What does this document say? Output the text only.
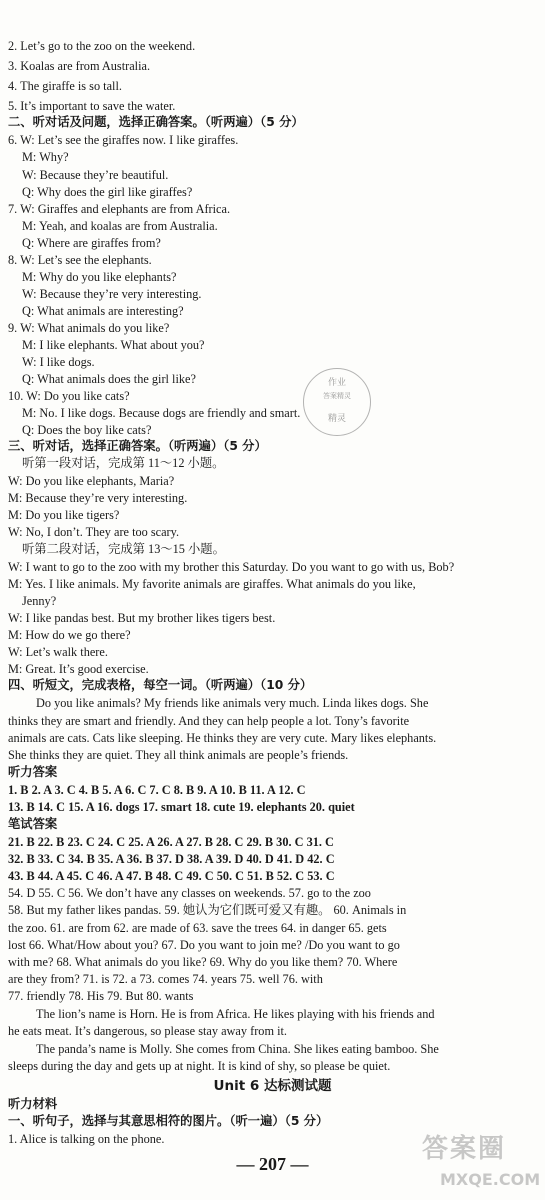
2. Let’s go to the zoo on the weekend.
3. Koalas are from Australia.
4. The giraffe is so tall.
5. It’s important to save the water.
二、听对话及问题，选择正确答案。（听两遍）（5 分）
6. W: Let’s see the giraffes now. I like giraffes.
M: Why?
W: Because they’re beautiful.
Q: Why does the girl like giraffes?
7. W: Giraffes and elephants are from Africa.
M: Yeah, and koalas are from Australia.
Q: Where are giraffes from?
8. W: Let’s see the elephants.
M: Why do you like elephants?
W: Because they’re very interesting.
Q: What animals are interesting?
9. W: What animals do you like?
M: I like elephants. What about you?
W: I like dogs.
Q: What animals does the girl like?
10. W: Do you like cats?
M: No. I like dogs. Because dogs are friendly and smart.
Q: Does the boy like cats?
作业
答案精灵
精灵
三、听对话，选择正确答案。（听两遍）（5 分）
听第一段对话，完成第 11～12 小题。
W: Do you like elephants, Maria?
M: Because they’re very interesting.
M: Do you like tigers?
W: No, I don’t. They are too scary.
听第二段对话，完成第 13～15 小题。
W: I want to go to the zoo with my brother this Saturday. Do you want to go with us, Bob?
M: Yes. I like animals. My favorite animals are giraffes. What animals do you like,
Jenny?
W: I like pandas best. But my brother likes tigers best.
M: How do we go there?
W: Let’s walk there.
M: Great. It’s good exercise.
四、听短文，完成表格，每空一词。（听两遍）（10 分）
Do you like animals? My friends like animals very much. Linda likes dogs. She
thinks they are smart and friendly. And they can help people a lot. Tony’s favorite
animals are cats. Cats like sleeping. He thinks they are very cute. Mary likes elephants.
She thinks they are quiet. They all think animals are people’s friends.
听力答案
1. B 2. A 3. C 4. B 5. A 6. C 7. C 8. B 9. A 10. B 11. A 12. C
13. B 14. C 15. A 16. dogs 17. smart 18. cute 19. elephants 20. quiet
笔试答案
21. B 22. B 23. C 24. C 25. A 26. A 27. B 28. C 29. B 30. C 31. C
32. B 33. C 34. B 35. A 36. B 37. D 38. A 39. D 40. D 41. D 42. C
43. B 44. A 45. C 46. A 47. B 48. C 49. C 50. C 51. B 52. C 53. C
54. D 55. C 56. We don’t have any classes on weekends. 57. go to the zoo
58. But my father likes pandas. 59. 她认为它们既可爱又有趣。 60. Animals in
the zoo. 61. are from 62. are made of 63. save the trees 64. in danger 65. gets
lost 66. What/How about you? 67. Do you want to join me? /Do you want to go
with me? 68. What animals do you like? 69. Why do you like them? 70. Where
are they from? 71. is 72. a 73. comes 74. years 75. well 76. with
77. friendly 78. His 79. But 80. wants
The lion’s name is Horn. He is from Africa. He likes playing with his friends and
he eats meat. It’s dangerous, so please stay away from it.
The panda’s name is Molly. She comes from China. She likes eating bamboo. She
sleeps during the day and gets up at night. It is kind of shy, so please be quiet.
Unit 6 达标测试题
听力材料
一、听句子，选择与其意思相符的图片。（听一遍）（5 分）
1. Alice is talking on the phone.
— 207 —	答案圈
MXQE.COM
